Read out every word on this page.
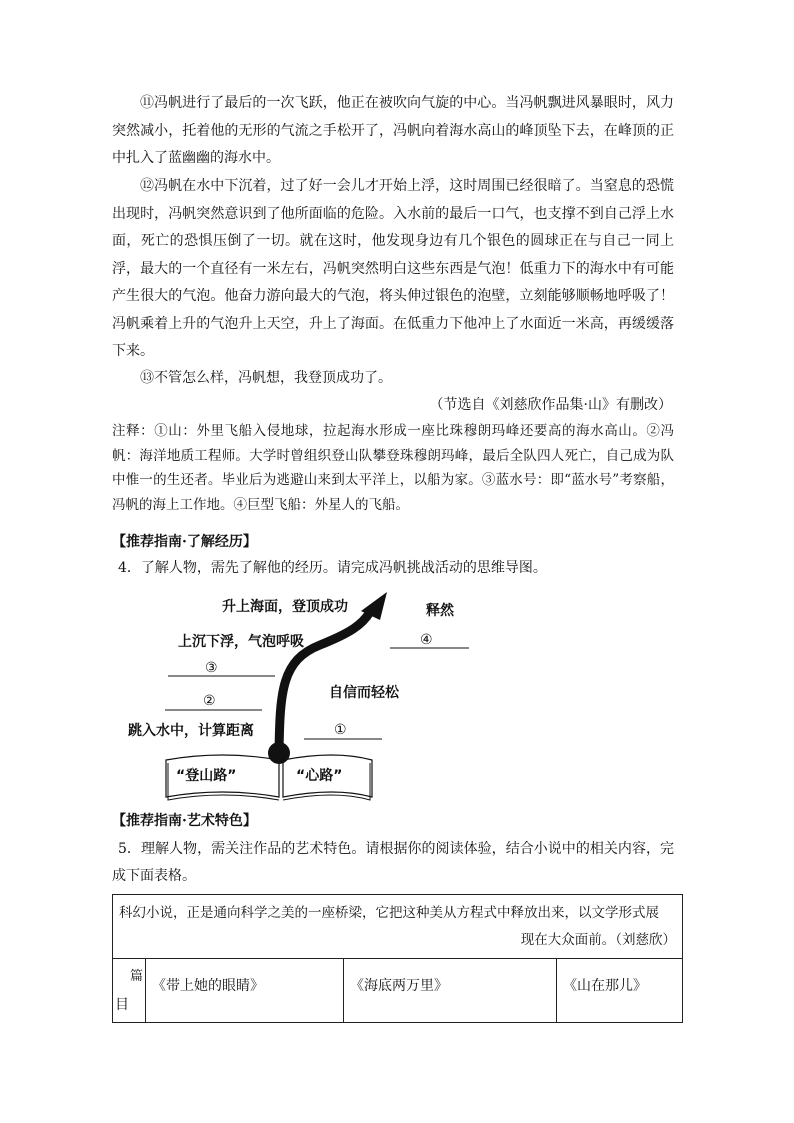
⑪冯帆进行了最后的一次飞跃，他正在被吹向气旋的中心。当冯帆飘进风暴眼时，风力突然减小，托着他的无形的气流之手松开了，冯帆向着海水高山的峰顶坠下去，在峰顶的正中扎入了蓝幽幽的海水中。

⑫冯帆在水中下沉着，过了好一会儿才开始上浮，这时周围已经很暗了。当窒息的恐慌出现时，冯帆突然意识到了他所面临的危险。入水前的最后一口气，也支撑不到自己浮上水面，死亡的恐惧压倒了一切。就在这时，他发现身边有几个银色的圆球正在与自己一同上浮，最大的一个直径有一米左右，冯帆突然明白这些东西是气泡！低重力下的海水中有可能产生很大的气泡。他奋力游向最大的气泡，将头伸过银色的泡壁，立刻能够顺畅地呼吸了！冯帆乘着上升的气泡升上天空，升上了海面。在低重力下他冲上了水面近一米高，再缓缓落下来。

⑬不管怎么样，冯帆想，我登顶成功了。

（节选自《刘慈欣作品集·山》有删改）

注释：①山：外里飞船入侵地球，拉起海水形成一座比珠穆朗玛峰还要高的海水高山。②冯帆：海洋地质工程师。大学时曾组织登山队攀登珠穆朗玛峰，最后全队四人死亡，自己成为队中惟一的生还者。毕业后为逃避山来到太平洋上，以船为家。③蓝水号：即“蓝水号”考察船，冯帆的海上工作地。④巨型飞船：外星人的飞船。

【推荐指南·了解经历】
4．了解人物，需先了解他的经历。请完成冯帆挑战活动的思维导图。
升上海面，登顶成功	释然
④
上沉下浮，气泡呼吸
③
自信而轻松
②
跳入水中，计算距离	①
“登山路”	“心路”
【推荐指南·艺术特色】

5．理解人物，需关注作品的艺术特色。请根据你的阅读体验，结合小说中的相关内容，完成下面表格。

科幻小说，正是通向科学之美的一座桥梁，它把这种美从方程式中释放出来，以文学形式展
现在大众面前。（刘慈欣）

篇
目
	《带上她的眼睛》	《海底两万里》	《山在那儿》
